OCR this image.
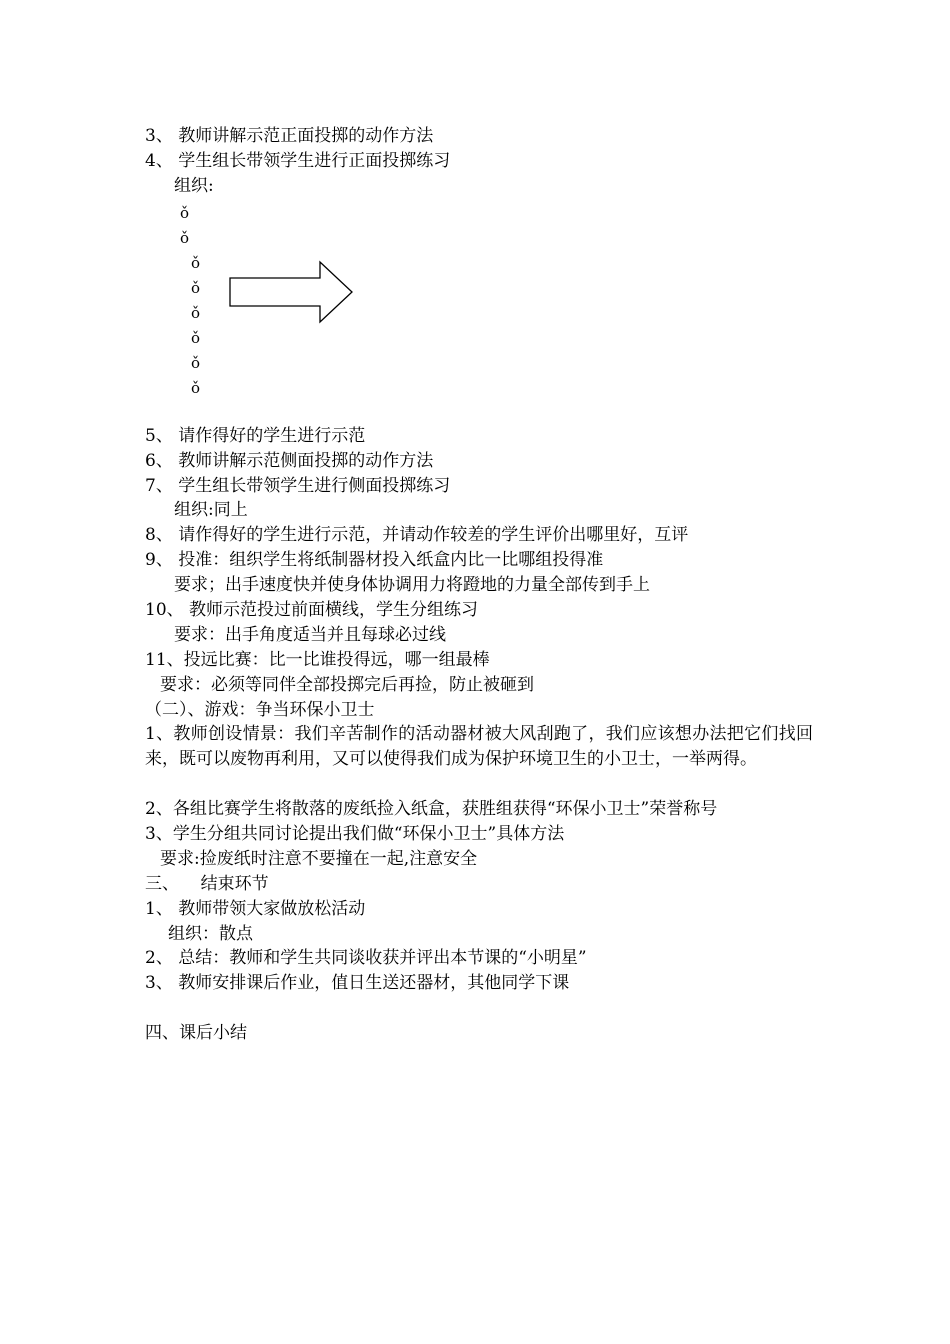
3、 教师讲解示范正面投掷的动作方法
4、 学生组长带领学生进行正面投掷练习
组织:
ǒ
ǒ
ǒ
ǒ
ǒ
ǒ
ǒ
ǒ
5、 请作得好的学生进行示范
6、 教师讲解示范侧面投掷的动作方法
7、 学生组长带领学生进行侧面投掷练习
组织:同上
8、 请作得好的学生进行示范，并请动作较差的学生评价出哪里好，互评
9、 投准：组织学生将纸制器材投入纸盒内比一比哪组投得准
要求；出手速度快并使身体协调用力将蹬地的力量全部传到手上
10、 教师示范投过前面横线，学生分组练习
要求：出手角度适当并且每球必过线
11、投远比赛：比一比谁投得远，哪一组最棒
要求：必须等同伴全部投掷完后再捡，防止被砸到
（二）、游戏：争当环保小卫士
1、教师创设情景：我们辛苦制作的活动器材被大风刮跑了，我们应该想办法把它们找回来，既可以废物再利用，又可以使得我们成为保护环境卫生的小卫士，一举两得。
2、各组比赛学生将散落的废纸捡入纸盒，获胜组获得“环保小卫士”荣誉称号
3、学生分组共同讨论提出我们做“环保小卫士”具体方法
要求:捡废纸时注意不要撞在一起,注意安全
三、    结束环节
1、 教师带领大家做放松活动
组织：散点
2、 总结：教师和学生共同谈收获并评出本节课的“小明星”
3、 教师安排课后作业，值日生送还器材，其他同学下课
四、课后小结
